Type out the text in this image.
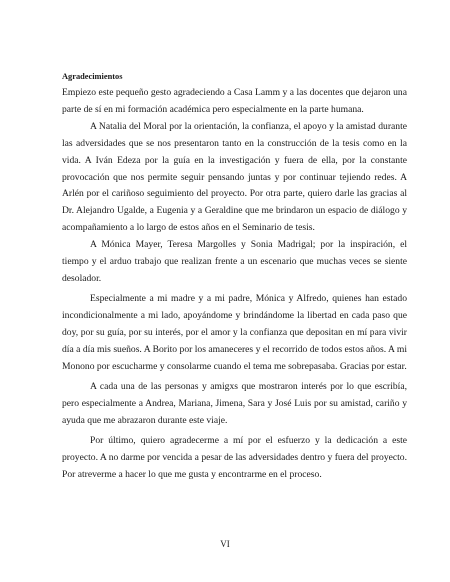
Agradecimientos

Empiezo este pequeño gesto agradeciendo a Casa Lamm y a las docentes que dejaron una parte de sí en mi formación académica pero especialmente en la parte humana.

A Natalia del Moral por la orientación, la confianza, el apoyo y la amistad durante las adversidades que se nos presentaron tanto en la construcción de la tesis como en la vida. A Iván Edeza por la guía en la investigación y fuera de ella, por la constante provocación que nos permite seguir pensando juntas y por continuar tejiendo redes. A Arlén por el cariñoso seguimiento del proyecto. Por otra parte, quiero darle las gracias al Dr. Alejandro Ugalde, a Eugenia y a Geraldine que me brindaron un espacio de diálogo y acompañamiento a lo largo de estos años en el Seminario de tesis.

A Mónica Mayer, Teresa Margolles y Sonia Madrigal; por la inspiración, el tiempo y el arduo trabajo que realizan frente a un escenario que muchas veces se siente desolador.

Especialmente a mi madre y a mi padre, Mónica y Alfredo, quienes han estado incondicionalmente a mi lado, apoyándome y brindándome la libertad en cada paso que doy, por su guía, por su interés, por el amor y la confianza que depositan en mí para vivir día a día mis sueños. A Borito por los amaneceres y el recorrido de todos estos años. A mi Monono por escucharme y consolarme cuando el tema me sobrepasaba. Gracias por estar.

A cada una de las personas y amigxs que mostraron interés por lo que escribía, pero especialmente a Andrea, Mariana, Jimena, Sara y José Luis por su amistad, cariño y ayuda que me abrazaron durante este viaje.

Por último, quiero agradecerme a mí por el esfuerzo y la dedicación a este proyecto. A no darme por vencida a pesar de las adversidades dentro y fuera del proyecto. Por atreverme a hacer lo que me gusta y encontrarme en el proceso.

VI
